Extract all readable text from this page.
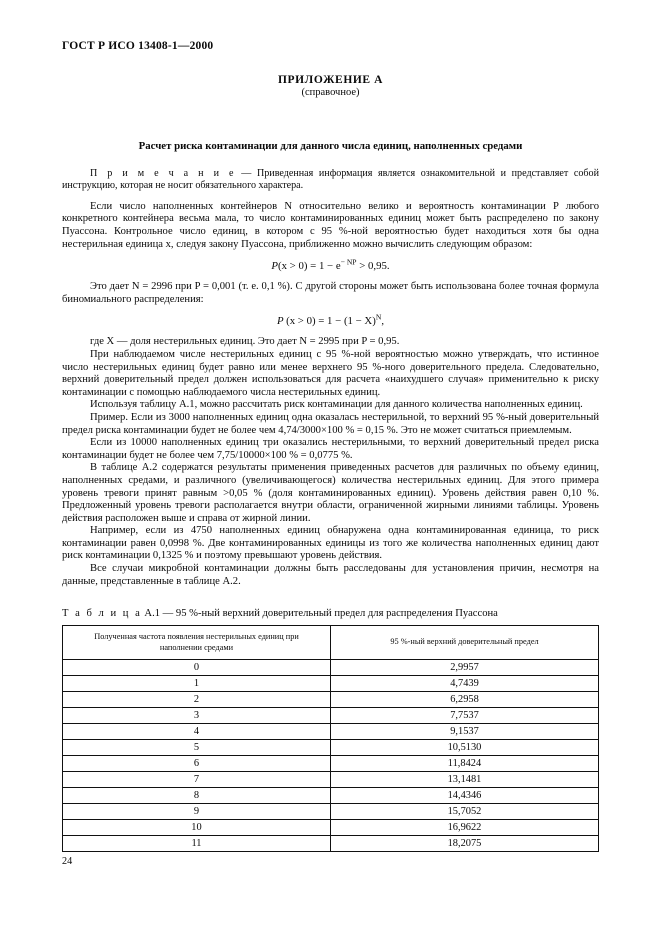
ГОСТ Р ИСО 13408-1—2000
ПРИЛОЖЕНИЕ А
(справочное)
Расчет риска контаминации для данного числа единиц, наполненных средами

П р и м е ч а н и е — Приведенная информация является ознакомительной и представляет собой инструкцию, которая не носит обязательного характера.

Если число наполненных контейнеров N относительно велико и вероятность контаминации P любого конкретного контейнера весьма мала, то число контаминированных единиц может быть распределено по закону Пуассона. Контрольное число единиц, в котором с 95 %-ной вероятностью будет находиться хотя бы одна нестерильная единица x, следуя закону Пуассона, приближенно можно вычислить следующим образом:

$P(x > 0) = 1 - e^{- NP} > 0,95$.

Это дает N = 2996 при P = 0,001 (т. е. 0,1 %). С другой стороны может быть использована более точная формула биномиального распределения:

P $(x > 0) = 1 - (1 - X)^N$,

где X — доля нестерильных единиц. Это дает N = 2995 при P = 0,95.

При наблюдаемом числе нестерильных единиц с 95 %-ной вероятностью можно утверждать, что истинное число нестерильных единиц будет равно или менее верхнего 95 %-ного доверительного предела. Следовательно, верхний доверительный предел должен использоваться для расчета «наихудшего случая» применительно к риску контаминации с помощью наблюдаемого числа нестерильных единиц.

Используя таблицу А.1, можно рассчитать риск контаминации для данного количества наполненных единиц.

Пример. Если из 3000 наполненных единиц одна оказалась нестерильной, то верхний 95 %-ный доверительный предел риска контаминации будет не более чем 4,74/3000×100 % = 0,15 %. Это не может считаться приемлемым.

Если из 10000 наполненных единиц три оказались нестерильными, то верхний доверительный предел риска контаминации будет не более чем 7,75/10000×100 % = 0,0775 %.

В таблице А.2 содержатся результаты применения приведенных расчетов для различных по объему единиц, наполненных средами, и различного (увеличивающегося) количества нестерильных единиц. Для этого примера уровень тревоги принят равным >0,05 % (доля контаминированных единиц). Уровень действия равен 0,10 %. Предложенный уровень тревоги располагается внутри области, ограниченной жирными линиями таблицы. Уровень действия расположен выше и справа от жирной линии.

Например, если из 4750 наполненных единиц обнаружена одна контаминированная единица, то риск контаминации равен 0,0998 %. Две контаминированных единицы из того же количества наполненных единиц дают риск контаминации 0,1325 % и поэтому превышают уровень действия.

Все случаи микробной контаминации должны быть расследованы для установления причин, несмотря на данные, представленные в таблице А.2.

Т а б л и ц а А.1 — 95 %-ный верхний доверительный предел для распределения Пуассона
Полученная частота появления нестерильных единиц при наполнении средами	95 %-ный верхний доверительный предел
0	2,9957
1	4,7439
2	6,2958
3	7,7537
4	9,1537
5	10,5130
6	11,8424
7	13,1481
8	14,4346
9	15,7052
10	16,9622
11	18,2075
24
